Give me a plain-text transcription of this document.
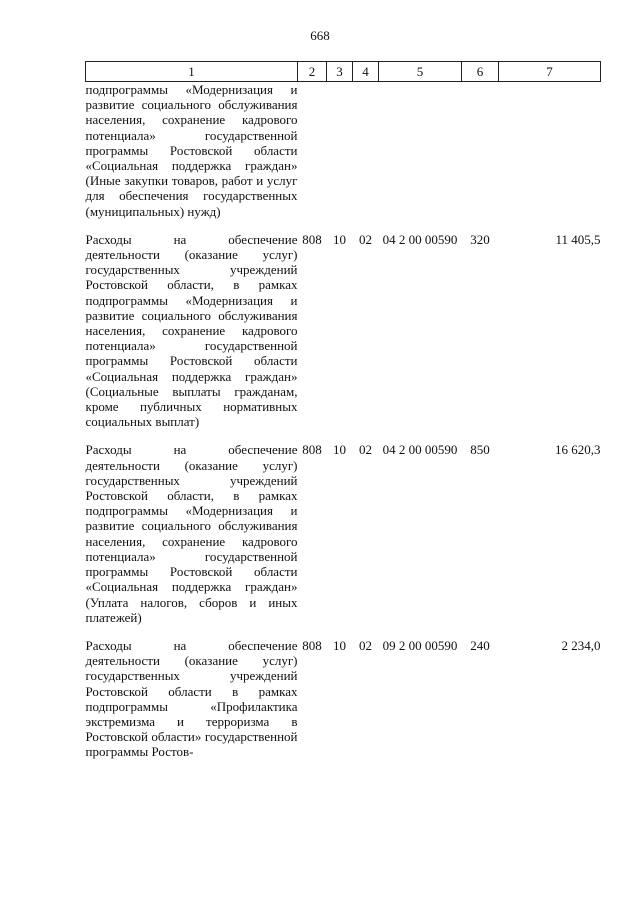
668
1	2	3	4	5	6	7

подпрограммы «Модернизация и развитие социального обслуживания населения, сохранение кадрового потенциала» государственной программы Ростовской области «Социальная поддержка граждан» (Иные закупки товаров, работ и услуг для обеспечения государственных (муниципальных) нужд)						

Расходы на обеспечение деятельности (оказание услуг) государственных учреждений Ростовской области, в рамках подпрограммы «Модернизация и развитие социального обслуживания населения, сохранение кадрового потенциала» государственной программы Ростовской области «Социальная поддержка граждан» (Социальные выплаты гражданам, кроме публичных нормативных социальных выплат)	808	10	02	04 2 00 00590	320	11 405,5

Расходы на обеспечение деятельности (оказание услуг) государственных учреждений Ростовской области, в рамках подпрограммы «Модернизация и развитие социального обслуживания населения, сохранение кадрового потенциала» государственной программы Ростовской области «Социальная поддержка граждан» (Уплата налогов, сборов и иных платежей)	808	10	02	04 2 00 00590	850	16 620,3

Расходы на обеспечение деятельности (оказание услуг) государственных учреждений Ростовской области в рамках подпрограммы «Профилактика экстремизма и терроризма в Ростовской области» государственной программы Ростов-	808	10	02	09 2 00 00590	240	2 234,0
